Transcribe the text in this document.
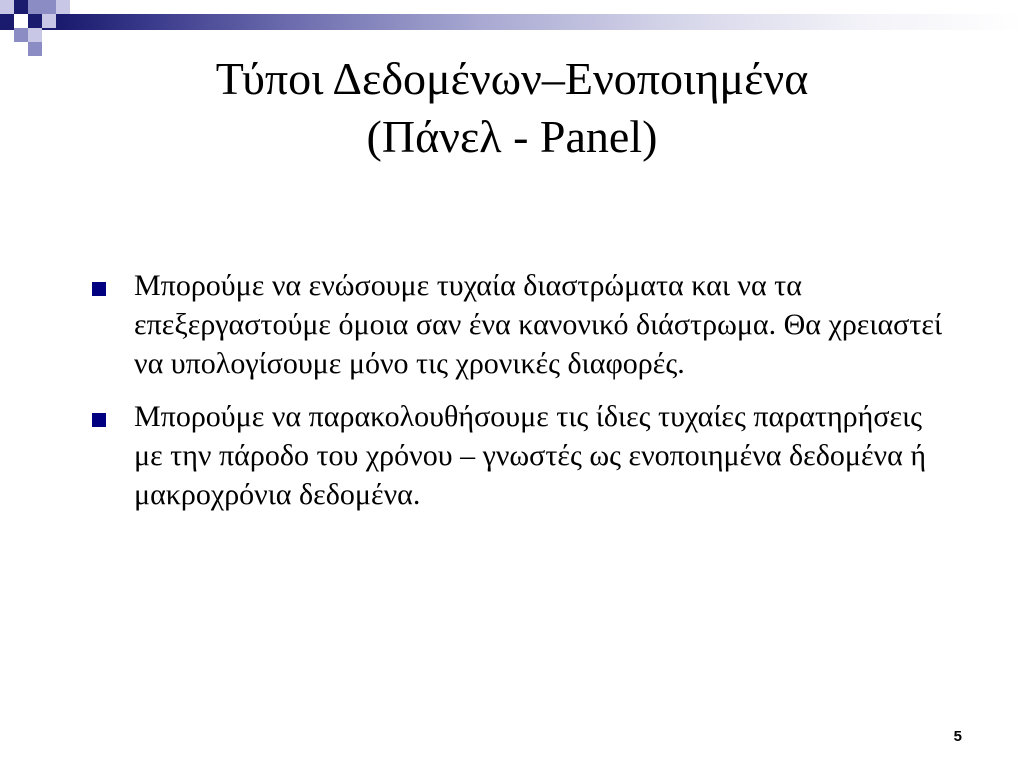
Τύποι Δεδομένων–Ενοποιημένα
(Πάνελ - Panel)
Μπορούμε να ενώσουμε τυχαία διαστρώματα και να τα επεξεργαστούμε όμοια σαν ένα κανονικό διάστρωμα. Θα χρειαστεί να υπολογίσουμε μόνο τις χρονικές διαφορές.
Μπορούμε να παρακολουθήσουμε τις ίδιες τυχαίες παρατηρήσεις με την πάροδο του χρόνου – γνωστές ως ενοποιημένα δεδομένα ή μακροχρόνια δεδομένα.
5
